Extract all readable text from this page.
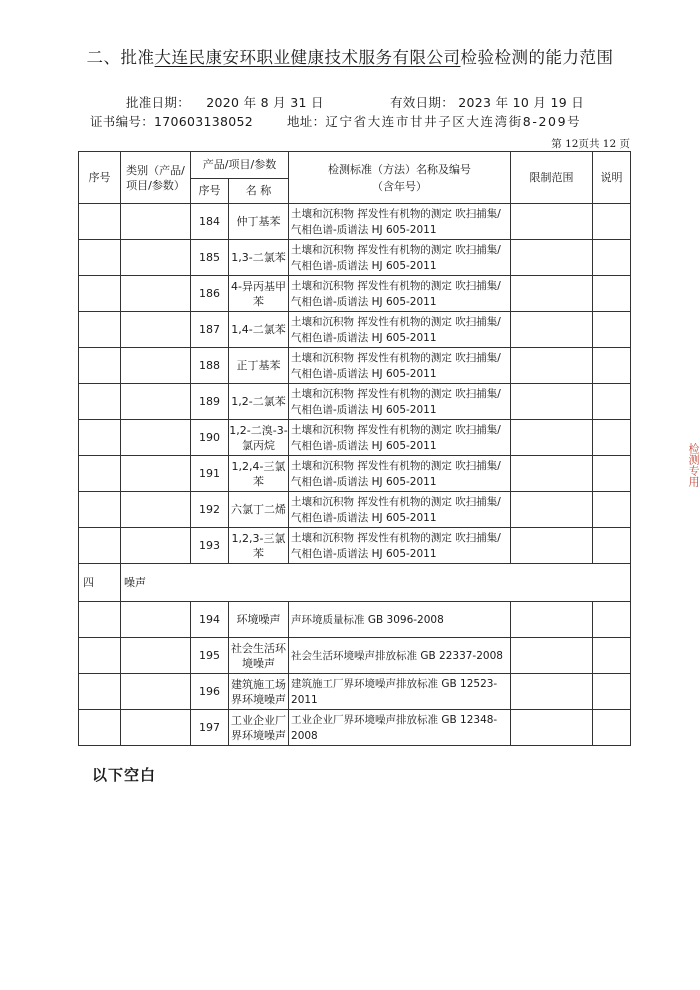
二、批准大连民康安环职业健康技术服务有限公司检验检测的能力范围
批准日期： 2020 年 8 月 31 日	有效日期： 2023 年 10 月 19 日
证书编号：170603138052	地址：辽宁省大连市甘井子区大连湾街8-209号
第 12页共 12 页
序号	类别（产品/项目/参数）	产品/项目/参数		检测标准（方法）名称及编号（含年号）	限制范围	说明
		序号	名 称			
		184	仲丁基苯	土壤和沉积物 挥发性有机物的测定 吹扫捕集/气相色谱-质谱法 HJ 605-2011		
		185	1,3-二氯苯	土壤和沉积物 挥发性有机物的测定 吹扫捕集/气相色谱-质谱法 HJ 605-2011		
		186	4-异丙基甲苯	土壤和沉积物 挥发性有机物的测定 吹扫捕集/气相色谱-质谱法 HJ 605-2011		
		187	1,4-二氯苯	土壤和沉积物 挥发性有机物的测定 吹扫捕集/气相色谱-质谱法 HJ 605-2011		
		188	正丁基苯	土壤和沉积物 挥发性有机物的测定 吹扫捕集/气相色谱-质谱法 HJ 605-2011		
		189	1,2-二氯苯	土壤和沉积物 挥发性有机物的测定 吹扫捕集/气相色谱-质谱法 HJ 605-2011		
		190	1,2-二溴-3-氯丙烷	土壤和沉积物 挥发性有机物的测定 吹扫捕集/气相色谱-质谱法 HJ 605-2011		
		191	1,2,4-三氯苯	土壤和沉积物 挥发性有机物的测定 吹扫捕集/气相色谱-质谱法 HJ 605-2011		
		192	六氯丁二烯	土壤和沉积物 挥发性有机物的测定 吹扫捕集/气相色谱-质谱法 HJ 605-2011		
		193	1,2,3-三氯苯	土壤和沉积物 挥发性有机物的测定 吹扫捕集/气相色谱-质谱法 HJ 605-2011		
四	噪声					
		194	环境噪声	声环境质量标准 GB 3096-2008		
		195	社会生活环境噪声	社会生活环境噪声排放标准 GB 22337-2008		
		196	建筑施工场界环境噪声	建筑施工厂界环境噪声排放标准 GB 12523-2011		
		197	工业企业厂界环境噪声	工业企业厂界环境噪声排放标准 GB 12348-2008		
以下空白
检测专用
